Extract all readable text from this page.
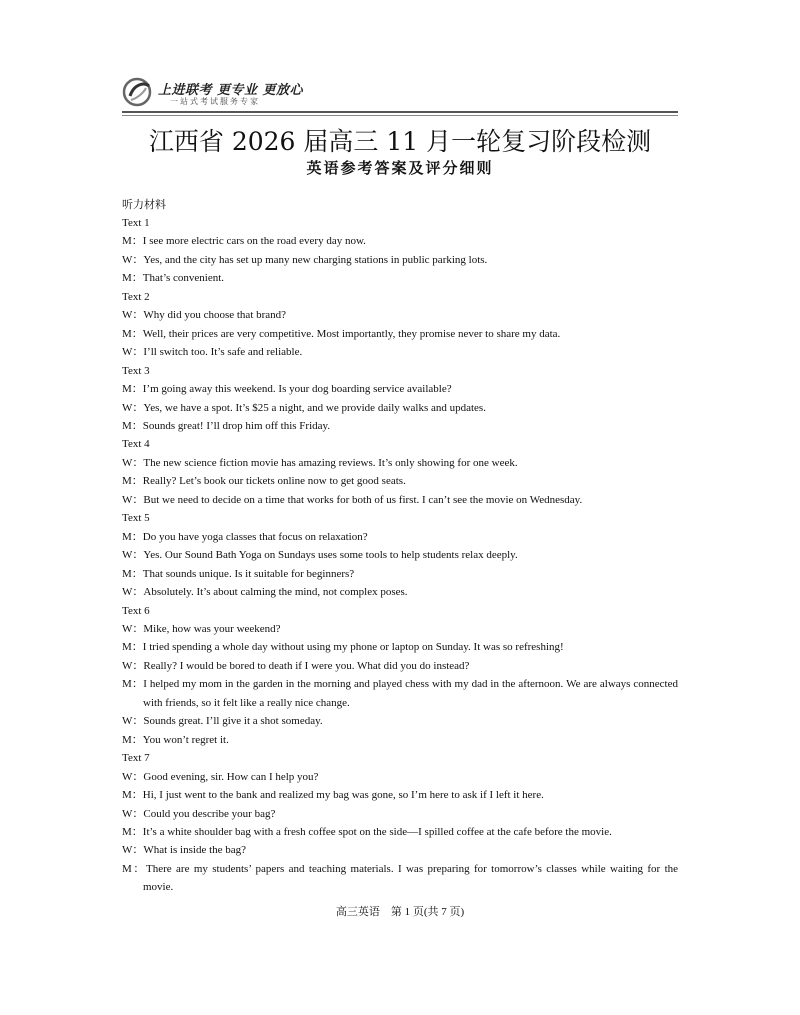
上进联考 更专业 更放心
一站式考试服务专家
江西省 2026 届高三 11 月一轮复习阶段检测
英语参考答案及评分细则
听力材料
Text 1
M：I see more electric cars on the road every day now.
W：Yes, and the city has set up many new charging stations in public parking lots.
M：That’s convenient.
Text 2
W：Why did you choose that brand?
M：Well, their prices are very competitive. Most importantly, they promise never to share my data.
W：I’ll switch too. It’s safe and reliable.
Text 3
M：I’m going away this weekend. Is your dog boarding service available?
W：Yes, we have a spot. It’s $25 a night, and we provide daily walks and updates.
M：Sounds great! I’ll drop him off this Friday.
Text 4
W：The new science fiction movie has amazing reviews. It’s only showing for one week.
M：Really? Let’s book our tickets online now to get good seats.
W：But we need to decide on a time that works for both of us first. I can’t see the movie on Wednesday.
Text 5
M：Do you have yoga classes that focus on relaxation?
W：Yes. Our Sound Bath Yoga on Sundays uses some tools to help students relax deeply.
M：That sounds unique. Is it suitable for beginners?
W：Absolutely. It’s about calming the mind, not complex poses.
Text 6
W：Mike, how was your weekend?
M：I tried spending a whole day without using my phone or laptop on Sunday. It was so refreshing!
W：Really? I would be bored to death if I were you. What did you do instead?
M：I helped my mom in the garden in the morning and played chess with my dad in the afternoon. We are always connected with friends, so it felt like a really nice change.
W：Sounds great. I’ll give it a shot someday.
M：You won’t regret it.
Text 7
W：Good evening, sir. How can I help you?
M：Hi, I just went to the bank and realized my bag was gone, so I’m here to ask if I left it here.
W：Could you describe your bag?
M：It’s a white shoulder bag with a fresh coffee spot on the side—I spilled coffee at the cafe before the movie.
W：What is inside the bag?
M：There are my students’ papers and teaching materials. I was preparing for tomorrow’s classes while waiting for the movie.
高三英语　第 1 页(共 7 页)
